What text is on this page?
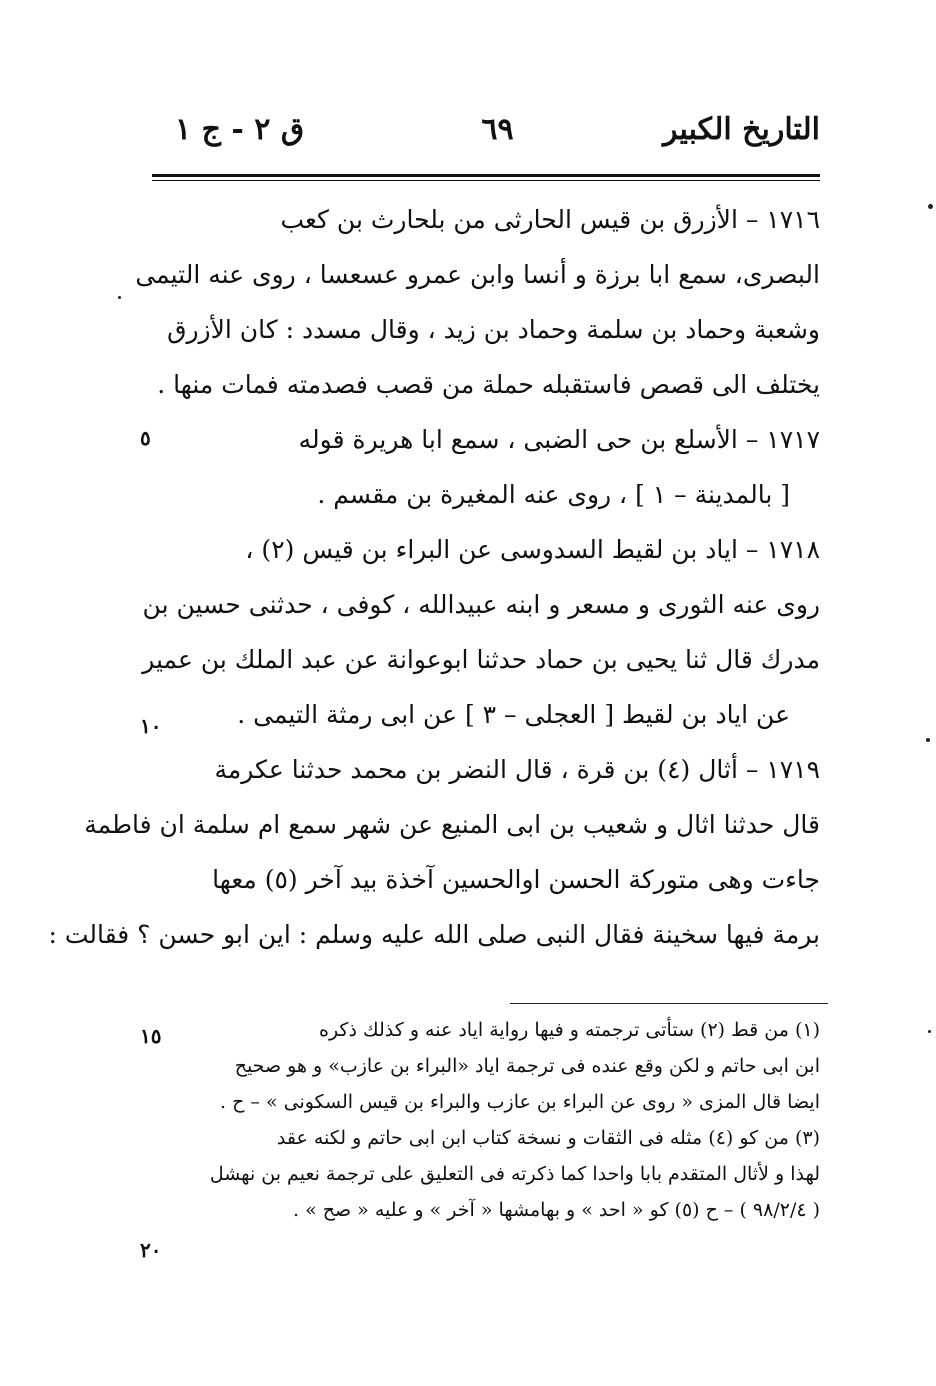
التاريخ الكبير
٦٩
ق ٢ - ج ١
١٧١٦ – الأزرق بن قيس الحارثى من بلحارث بن كعب
البصرى، سمع ابا برزة و أنسا وابن عمرو عسعسا ، روى عنه التيمى
وشعبة وحماد بن سلمة وحماد بن زيد ، وقال مسدد : كان الأزرق
يختلف الى قصص فاستقبله حملة من قصب فصدمته فمات منها .
١٧١٧ – الأسلع بن حى الضبى ، سمع ابا هريرة قوله
[ بالمدينة – ١ ] ، روى عنه المغيرة بن مقسم .
١٧١٨ – اياد بن لقيط السدوسى عن البراء بن قيس (٢) ،
روى عنه الثورى و مسعر و ابنه عبيدالله ، كوفى ، حدثنى حسين بن
مدرك قال ثنا يحيى بن حماد حدثنا ابوعوانة عن عبد الملك بن عمير
عن اياد بن لقيط [ العجلى – ٣ ] عن ابى رمثة التيمى .
١٧١٩ – أثال (٤) بن قرة ، قال النضر بن محمد حدثنا عكرمة
قال حدثنا اثال و شعيب بن ابى المنيع عن شهر سمع ام سلمة ان فاطمة
جاءت وهى متوركة الحسن اوالحسين آخذة بيد آخر (٥) معها
برمة فيها سخينة فقال النبى صلى الله عليه وسلم : اين ابو حسن ؟ فقالت :
(١) من قط (٢) ستأتى ترجمته و فيها رواية اياد عنه و كذلك ذكره
ابن ابى حاتم و لكن وقع عنده فى ترجمة اياد «البراء بن عازب» و هو صحيح
ايضا قال المزى « روى عن البراء بن عازب والبراء بن قيس السكونى » – ح .
(٣) من كو (٤) مثله فى الثقات و نسخة كتاب ابن ابى حاتم و لكنه عقد
لهذا و لأثال المتقدم بابا واحدا كما ذكرته فى التعليق على ترجمة نعيم بن نهشل
( ٩٨/٢/٤ ) – ح (٥) كو « احد » و بهامشها « آخر » و عليه « صح » .
٥
١٠
١٥
٢٠
